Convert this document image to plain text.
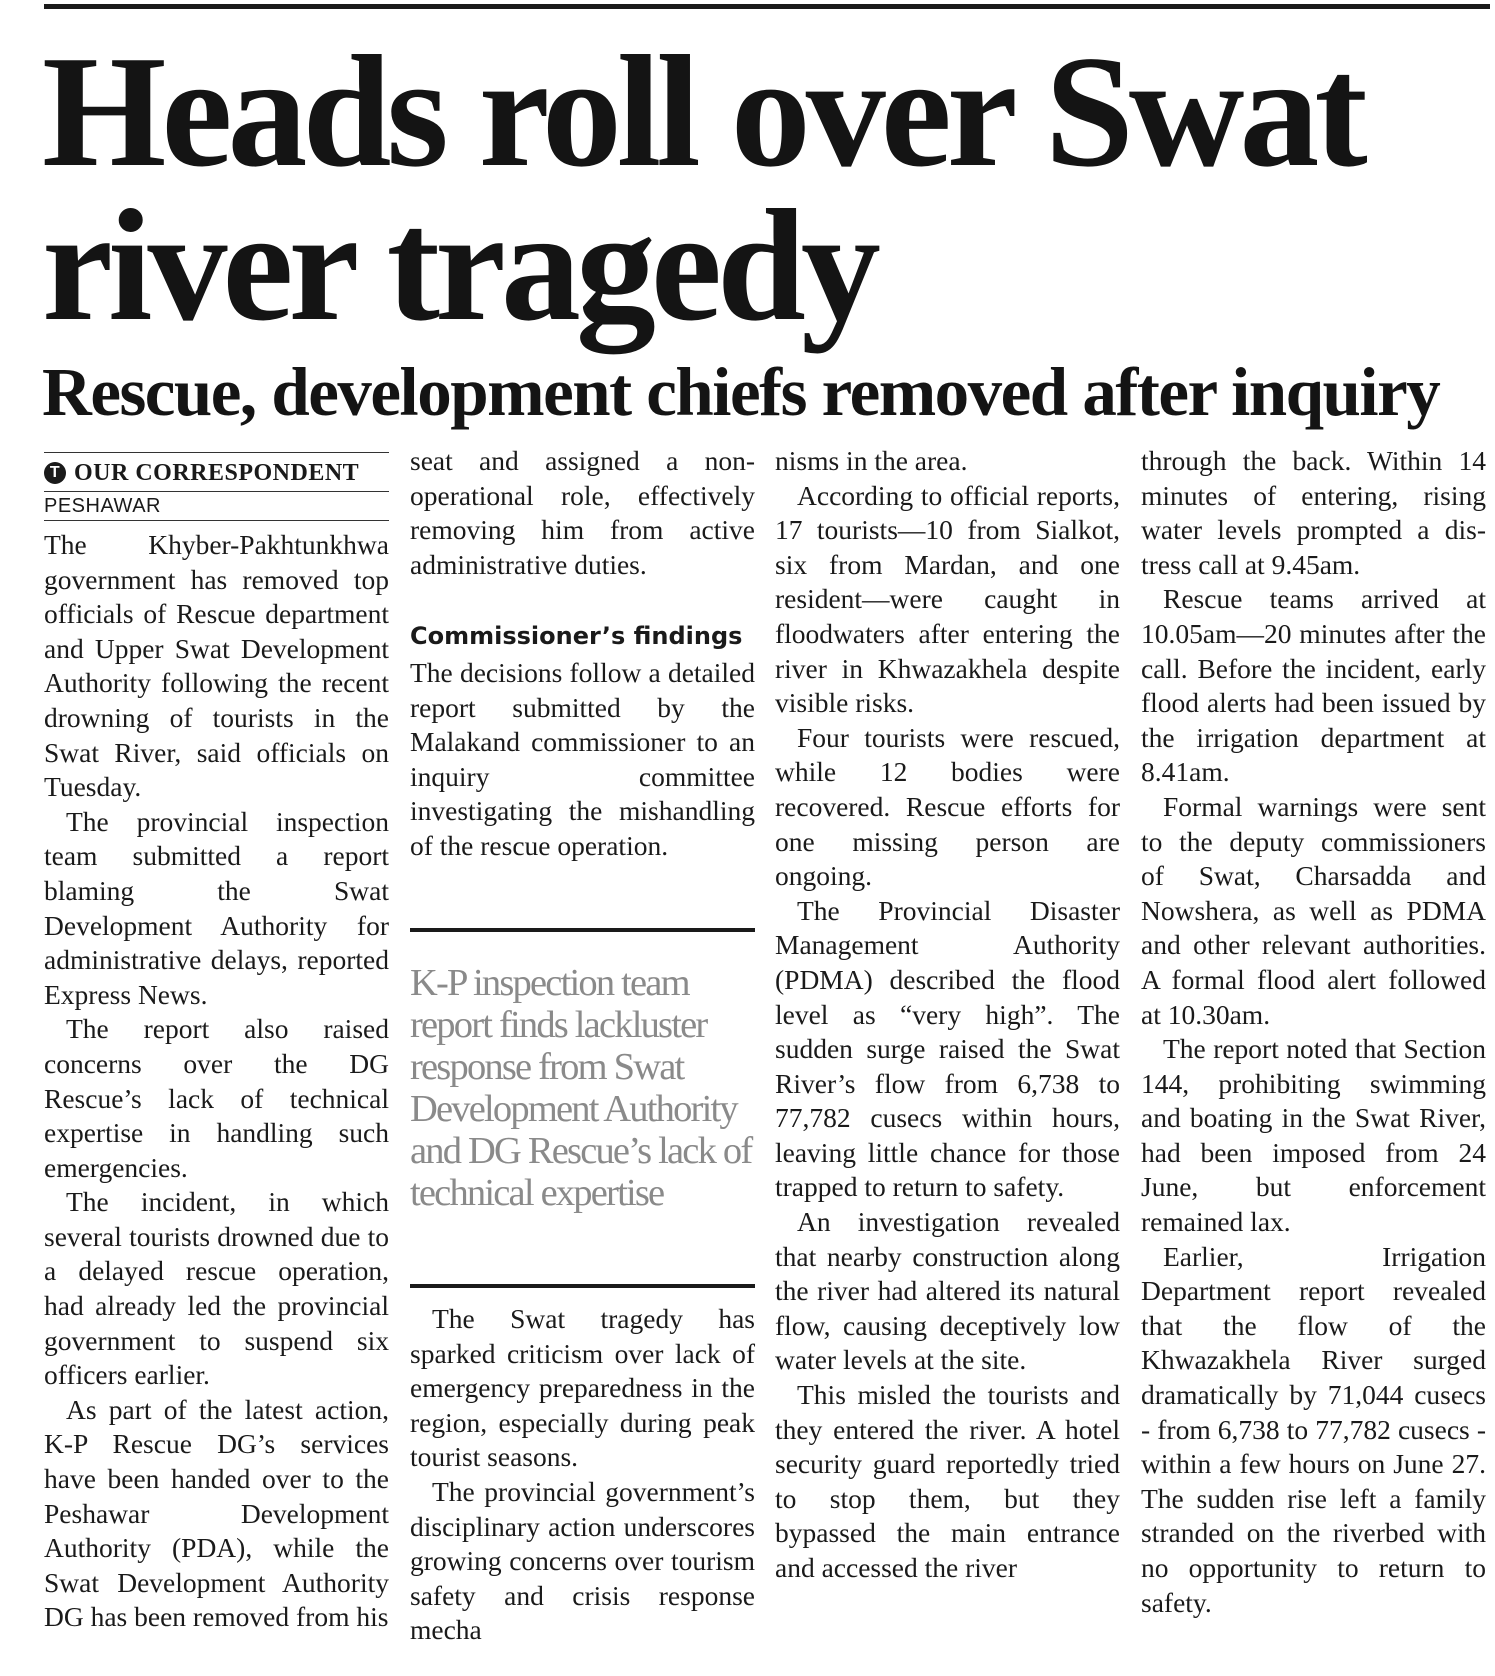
Heads roll over Swat river tragedy
Rescue, development chiefs removed after inquiry
T OUR CORRESPONDENT
PESHAWAR

The Khyber-Pakhtunkhwa government has removed top officials of Rescue department and Upper Swat Development Authority following the recent drowning of tourists in the Swat River, said officials on Tuesday.

The provincial inspection team submitted a report blaming the Swat Development Authority for administrative delays, reported Express News.

The report also raised concerns over the DG Rescue’s lack of technical expertise in handling such emergencies.

The incident, in which several tourists drowned due to a delayed rescue operation, had already led the provincial government to suspend six officers earlier.

As part of the latest action, K-P Rescue DG’s services have been handed over to the Peshawar Development Authority (PDA), while the Swat Development Authority DG has been removed from his

seat and assigned a non-operational role, effectively removing him from active administrative duties.

Commissioner’s findings

The decisions follow a detailed report submitted by the Malakand commissioner to an inquiry committee investigating the mishandling of the rescue operation.

K-P inspection team report finds lackluster response from Swat Development Authority and DG Rescue’s lack of technical expertise

The Swat tragedy has sparked criticism over lack of emergency preparedness in the region, especially during peak tourist seasons.

The provincial government’s disciplinary action underscores growing concerns over tourism safety and crisis response mecha

nisms in the area.

According to official reports, 17 tourists—10 from Sialkot, six from Mardan, and one resident—were caught in floodwaters after entering the river in Khwazakhela despite visible risks.

Four tourists were rescued, while 12 bodies were recovered. Rescue efforts for one missing person are ongoing.

The Provincial Disaster Management Authority (PDMA) described the flood level as “very high”. The sudden surge raised the Swat River’s flow from 6,738 to 77,782 cusecs within hours, leaving little chance for those trapped to return to safety.

An investigation revealed that nearby construction along the river had altered its natural flow, causing deceptively low water levels at the site.

This misled the tourists and they entered the river. A hotel security guard reportedly tried to stop them, but they bypassed the main entrance and accessed the river

through the back. Within 14 minutes of entering, rising water levels prompted a distress call at 9.45am.

Rescue teams arrived at 10.05am—20 minutes after the call. Before the incident, early flood alerts had been issued by the irrigation department at 8.41am.

Formal warnings were sent to the deputy commissioners of Swat, Charsadda and Nowshera, as well as PDMA and other relevant authorities. A formal flood alert followed at 10.30am.

The report noted that Section 144, prohibiting swimming and boating in the Swat River, had been imposed from 24 June, but enforcement remained lax.

Earlier, Irrigation Department report revealed that the flow of the Khwazakhela River surged dramatically by 71,044 cusecs - from 6,738 to 77,782 cusecs - within a few hours on June 27. The sudden rise left a family stranded on the riverbed with no opportunity to return to safety.
